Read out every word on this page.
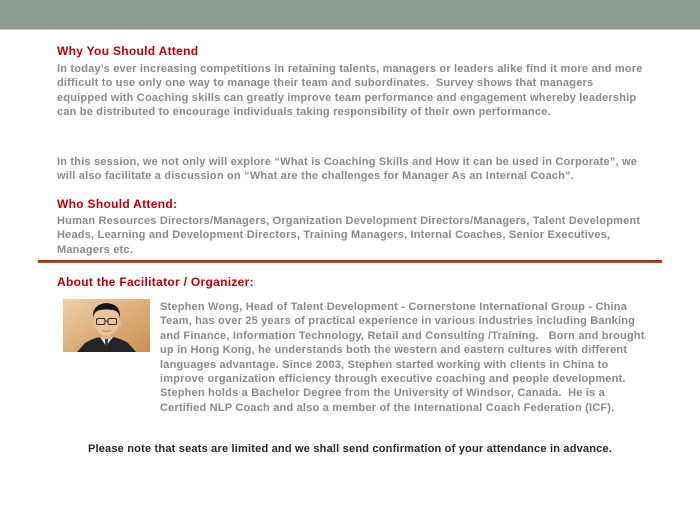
Why You Should Attend
In today’s ever increasing competitions in retaining talents, managers or leaders alike find it more and more difficult to use only one way to manage their team and subordinates.  Survey shows that managers equipped with Coaching skills can greatly improve team performance and engagement whereby leadership can be distributed to encourage individuals taking responsibility of their own performance.
In this session, we not only will explore “What is Coaching Skills and How it can be used in Corporate”, we will also facilitate a discussion on “What are the challenges for Manager As an Internal Coach”.
Who Should Attend:
Human Resources Directors/Managers, Organization Development Directors/Managers, Talent Development Heads, Learning and Development Directors, Training Managers, Internal Coaches, Senior Executives, Managers etc.
About the Facilitator / Organizer:
Stephen Wong, Head of Talent Development - Cornerstone International Group - China Team, has over 25 years of practical experience in various industries including Banking and Finance, Information Technology, Retail and Consulting /Training.   Born and brought up in Hong Kong, he understands both the western and eastern cultures with different languages advantage. Since 2003, Stephen started working with clients in China to improve organization efficiency through executive coaching and people development. Stephen holds a Bachelor Degree from the University of Windsor, Canada.  He is a Certified NLP Coach and also a member of the International Coach Federation (ICF).
Please note that seats are limited and we shall send confirmation of your attendance in advance.
